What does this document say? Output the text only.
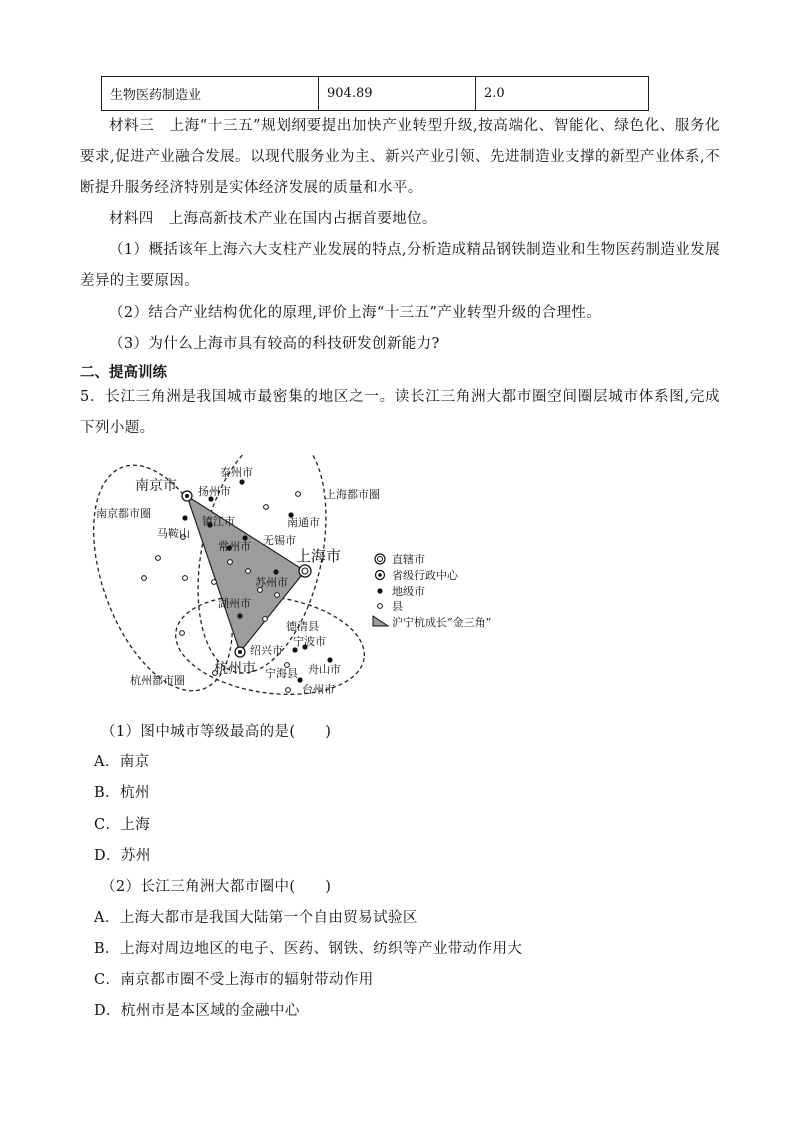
生物医药制造业	904.89	2.0

材料三　上海“十三五”规划纲要提出加快产业转型升级,按高端化、智能化、绿色化、服务化要求,促进产业融合发展。以现代服务业为主、新兴产业引领、先进制造业支撑的新型产业体系,不断提升服务经济特别是实体经济发展的质量和水平。

材料四　上海高新技术产业在国内占据首要地位。

（1）概括该年上海六大支柱产业发展的特点,分析造成精品钢铁制造业和生物医药制造业发展差异的主要原因。

（2）结合产业结构优化的原理,评价上海“十三五”产业转型升级的合理性。

（3）为什么上海市具有较高的科技研发创新能力?

二、提高训练

5．长江三角洲是我国城市最密集的地区之一。读长江三角洲大都市圈空间圈层城市体系图,完成下列小题。

南京市
上海市
杭州市
泰州市
扬州市
镇江市
常州市 无锡市
苏州市
南通市
马鞍山
湖州市
德清县
绍兴市
宁波市
舟山市
宁海县
台州市
南京都市圈
上海都市圈
杭州都市圈
直辖市
省级行政中心
地级市
县
沪宁杭成长“金三角”

（1）图中城市等级最高的是(　　)

A．南京

B．杭州

C．上海

D．苏州

（2）长江三角洲大都市圈中(　　)

A．上海大都市是我国大陆第一个自由贸易试验区

B．上海对周边地区的电子、医药、钢铁、纺织等产业带动作用大

C．南京都市圈不受上海市的辐射带动作用

D．杭州市是本区域的金融中心
